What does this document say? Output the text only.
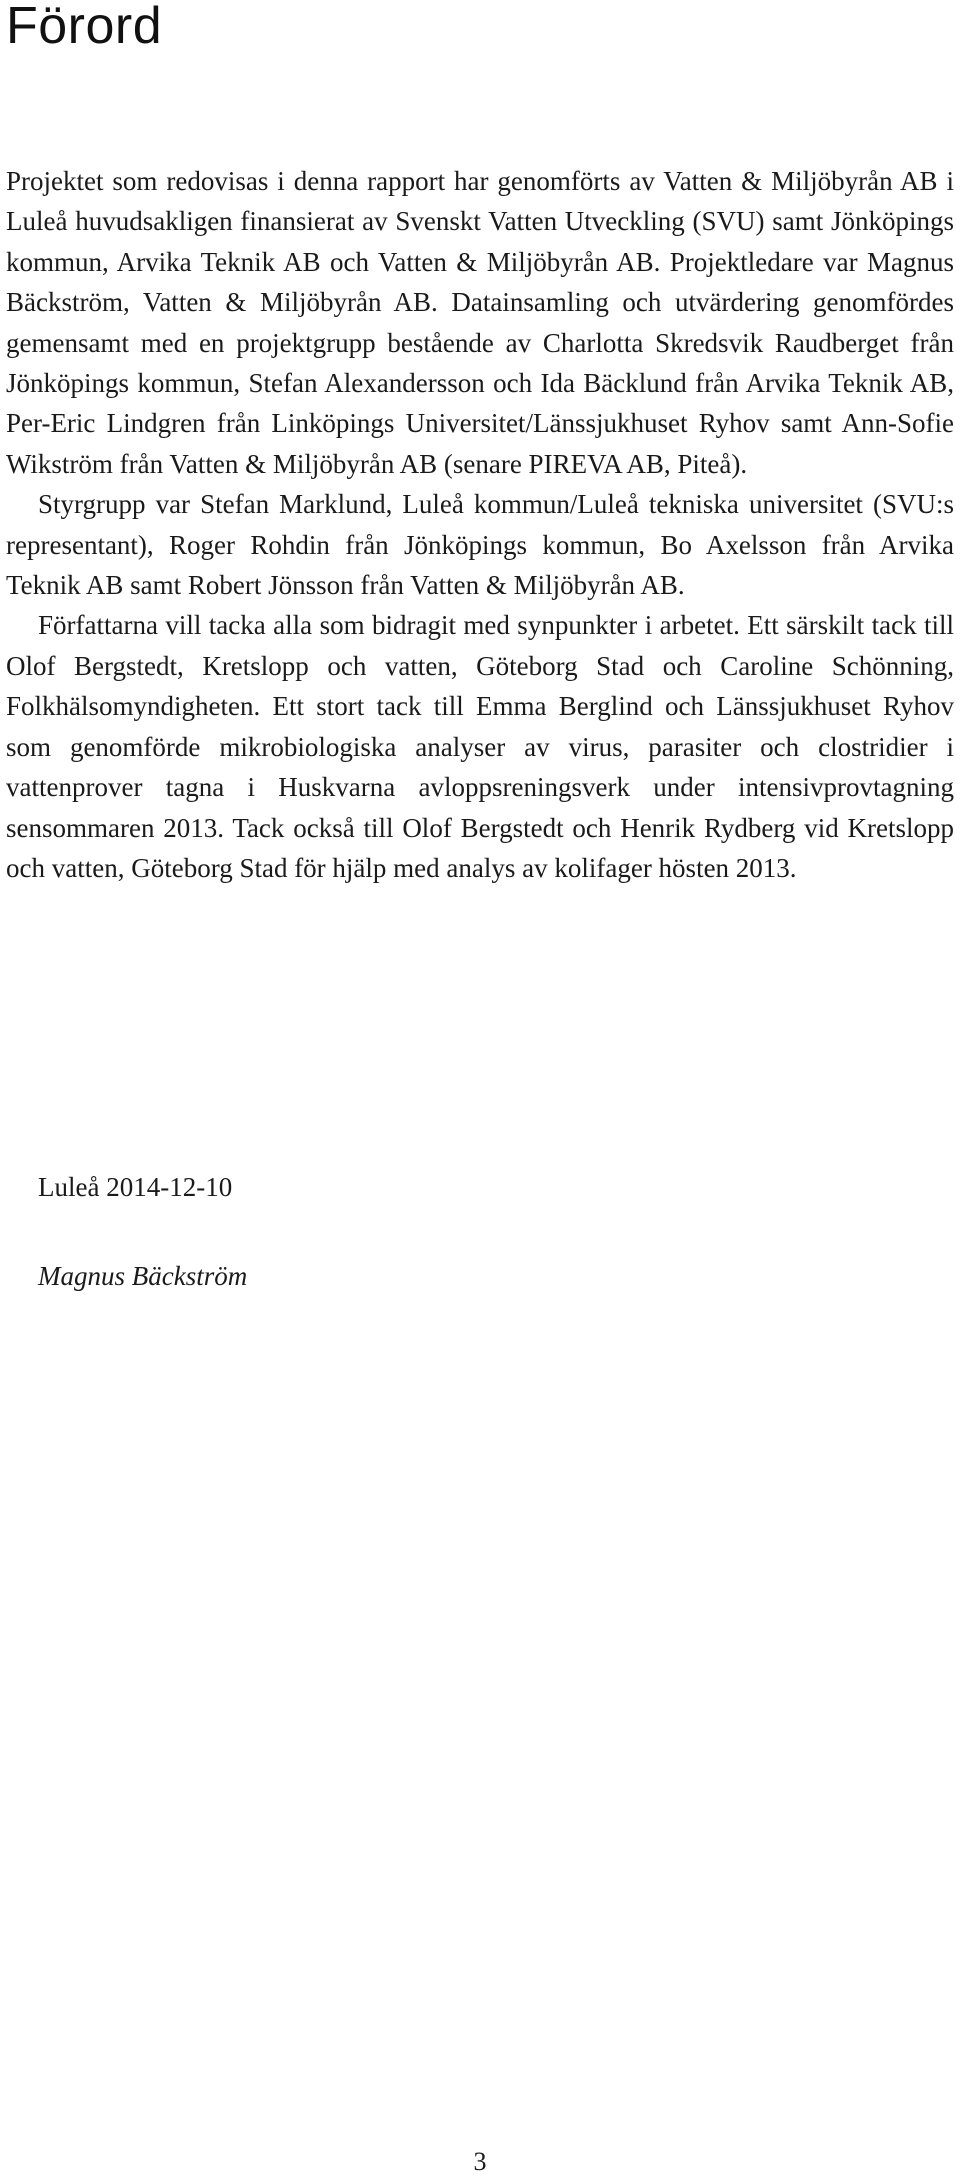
Förord

Projektet som redovisas i denna rapport har genomförts av Vatten & Miljöbyrån AB i Luleå huvudsakligen finansierat av Svenskt Vatten Utveckling (SVU) samt Jönköpings kommun, Arvika Teknik AB och Vatten & Miljöbyrån AB. Projektledare var Magnus Bäckström, Vatten & Miljöbyrån AB. Datainsamling och utvärdering genomfördes gemensamt med en projektgrupp bestående av Charlotta Skredsvik Raudberget från Jönköpings kommun, Stefan Alexandersson och Ida Bäcklund från Arvika Teknik AB, Per-Eric Lindgren från Linköpings Universitet/Länssjukhuset Ryhov samt Ann-Sofie Wikström från Vatten & Miljöbyrån AB (senare PIREVA AB, Piteå).

Styrgrupp var Stefan Marklund, Luleå kommun/Luleå tekniska universitet (SVU:s representant), Roger Rohdin från Jönköpings kommun, Bo Axelsson från Arvika Teknik AB samt Robert Jönsson från Vatten & Miljöbyrån AB.

Författarna vill tacka alla som bidragit med synpunkter i arbetet. Ett särskilt tack till Olof Bergstedt, Kretslopp och vatten, Göteborg Stad och Caroline Schönning, Folkhälsomyndigheten. Ett stort tack till Emma Berglind och Länssjukhuset Ryhov som genomförde mikrobiologiska analyser av virus, parasiter och clostridier i vattenprover tagna i Huskvarna avloppsreningsverk under intensivprovtagning sensommaren 2013. Tack också till Olof Bergstedt och Henrik Rydberg vid Kretslopp och vatten, Göteborg Stad för hjälp med analys av kolifager hösten 2013.

Luleå 2014-12-10

Magnus Bäckström

3
